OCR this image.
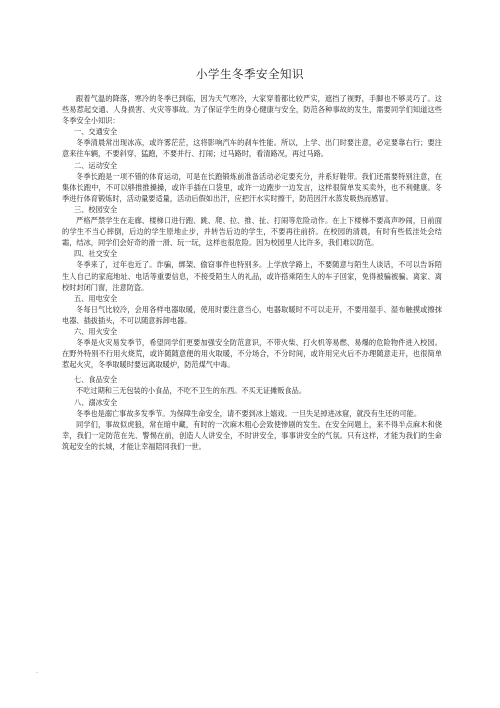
小学生冬季安全知识

跟着气温的降落，寒冷的冬季已到临，因为天气寒冷，大家穿着都比较严实，遮挡了视野，手脚也不够灵巧了。这些易惹起交通、人身损害、火灾等事故。为了保证学生的身心健康与安全，防范各种事故的发生，需要同学们知道这些冬季安全小知识：

一、交通安全

冬季清晨常出现冰冻，或许雾茫茫，这将影响汽车的刹车性能。所以，上学、出门时要注意，必定要靠右行；要注意来往车辆，不要斜穿、猛跑，不要并行、打闹；过马路时，看清路况，再过马路。

二、运动安全

冬季长跑是一项不错的体育运动，可是在长跑锻炼前准备活动必定要充分，并系好鞋带。我们还需要特别注意，在集体长跑中，不可以够推推搡搡，或许手插在口袋里，或许一边跑步一边发言，这样很简单发买卖外，也不利健康。冬季进行体育锻炼时，活动量要适量，活动后假如出汗，应把汗水实时擦干，防范因汗水蒸发吸热而感冒。

三、校园安全

严格严禁学生在走廊、楼梯口进行跑、跳、爬、拉、推、扯、打闹等危险动作。在上下楼梯不要高声吵闹，日前面的学生不当心摔倒，后边的学生原地止步，并转告后边的学生，不要再往前挤。在校园的清晨，有时有些低洼处会结霜，结冰，同学们会好奇的滑一滑、玩一玩，这样也很危险。因为校园里人比许多，我们难以防范。

四、社交安全

冬季来了，过年也近了。诈骗，绑架、偷窃事件也特别多。上学放学路上，不要随意与陌生人谈话，不可以告诉陌生人自己的家庭地址、电话等重要信息，不接受陌生人的礼品，或许搭乘陌生人的车子回家，免得被骗被骗。离家、离校时封闭门窗，注意防盗。

五、用电安全

冬每日气比较冷，会用各样电器取暖，使用时要注意当心，电器取暖时不可以走开，不要用湿手、湿布触摸或擦抹电器、插拔插头，不可以随意拆卸电器。

六、用火安全

冬季是火灾易发季节，希望同学们更要加强安全防范意识，不带火柴、打火机等易燃、易爆的危险物件进入校园。在野外特别不行用火烧荒，或许随随意便的用火取暖，不分场合，不分时间，或许用完火后不办理随意走开，也很简单惹起火灾，冬季取暖时要远离取暖炉，防范煤气中毒。

七、食品安全

不吃过期和三无包装的小食品，不吃不卫生的东西。不买无证摊贩食品。

八、溺冰安全

冬季也是溺亡事故多发季节。为保障生命安全，请不要到冰上嬉戏。一旦失足掉进冰窟，就没有生还的可能。

同学们，事故似虎狼，常在暗中藏，有时的一次麻木粗心会致使惨剧的发生。在安全问题上，来不得半点麻木和侥幸，我们一定防范在先、警惕在前，创造人人讲安全，不时讲安全，事事讲安全的气氛。只有这样，才能为我们的生命筑起安全的长城，才能让幸福陪同我们一世。

.
